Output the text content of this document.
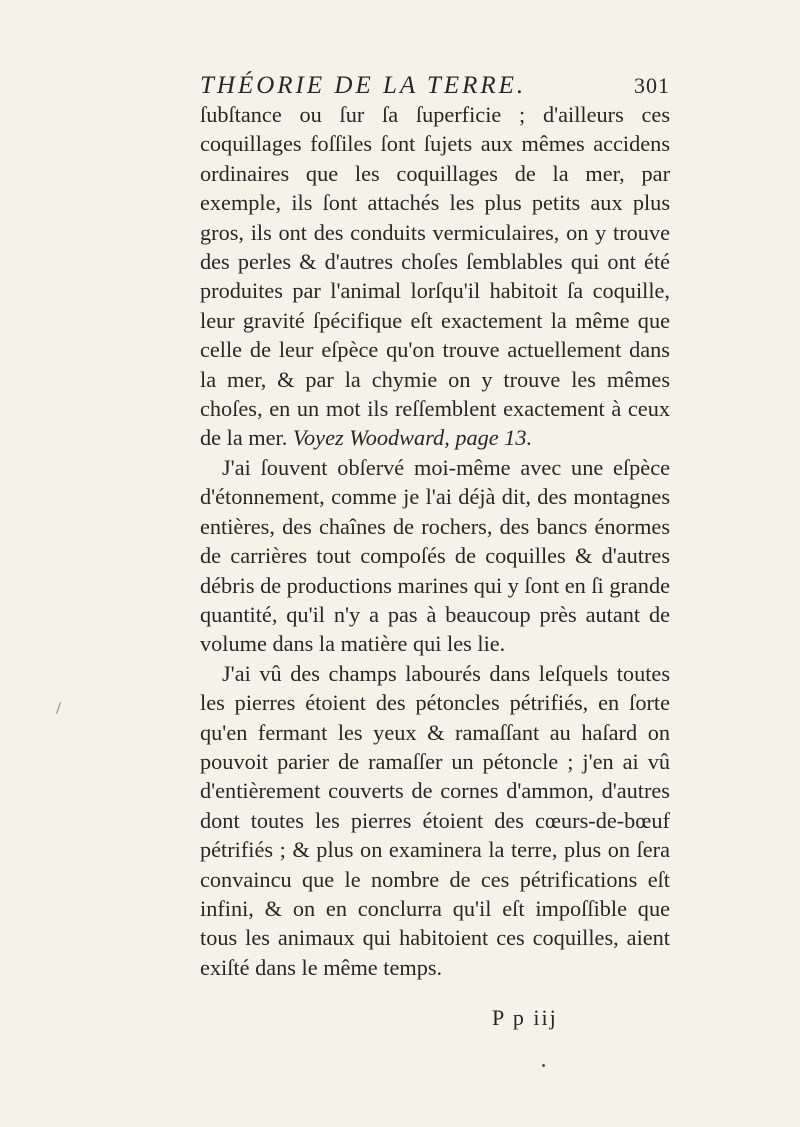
THÉORIE DE LA TERRE.	301

ſubſtance ou ſur ſa ſuperficie ; d'ailleurs ces coquillages foſſiles ſont ſujets aux mêmes accidens ordinaires que les coquillages de la mer, par exemple, ils ſont attachés les plus petits aux plus gros, ils ont des conduits vermiculaires, on y trouve des perles & d'autres choſes ſemblables qui ont été produites par l'animal lorſqu'il habitoit ſa coquille, leur gravité ſpécifique eſt exactement la même que celle de leur eſpèce qu'on trouve actuellement dans la mer, & par la chymie on y trouve les mêmes choſes, en un mot ils reſſemblent exactement à ceux de la mer. Voyez Woodward, page 13.

J'ai ſouvent obſervé moi-même avec une eſpèce d'étonnement, comme je l'ai déjà dit, des montagnes entières, des chaînes de rochers, des bancs énormes de carrières tout compoſés de coquilles & d'autres débris de productions marines qui y ſont en ſi grande quantité, qu'il n'y a pas à beaucoup près autant de volume dans la matière qui les lie.

J'ai vû des champs labourés dans leſquels toutes les pierres étoient des pétoncles pétrifiés, en ſorte qu'en fermant les yeux & ramaſſant au haſard on pouvoit parier de ramaſſer un pétoncle ; j'en ai vû d'entièrement couverts de cornes d'ammon, d'autres dont toutes les pierres étoient des cœurs-de-bœuf pétrifiés ; & plus on examinera la terre, plus on ſera convaincu que le nombre de ces pétrifications eſt infini, & on en conclurra qu'il eſt impoſſible que tous les animaux qui habitoient ces coquilles, aient exiſté dans le même temps.

P p iij
